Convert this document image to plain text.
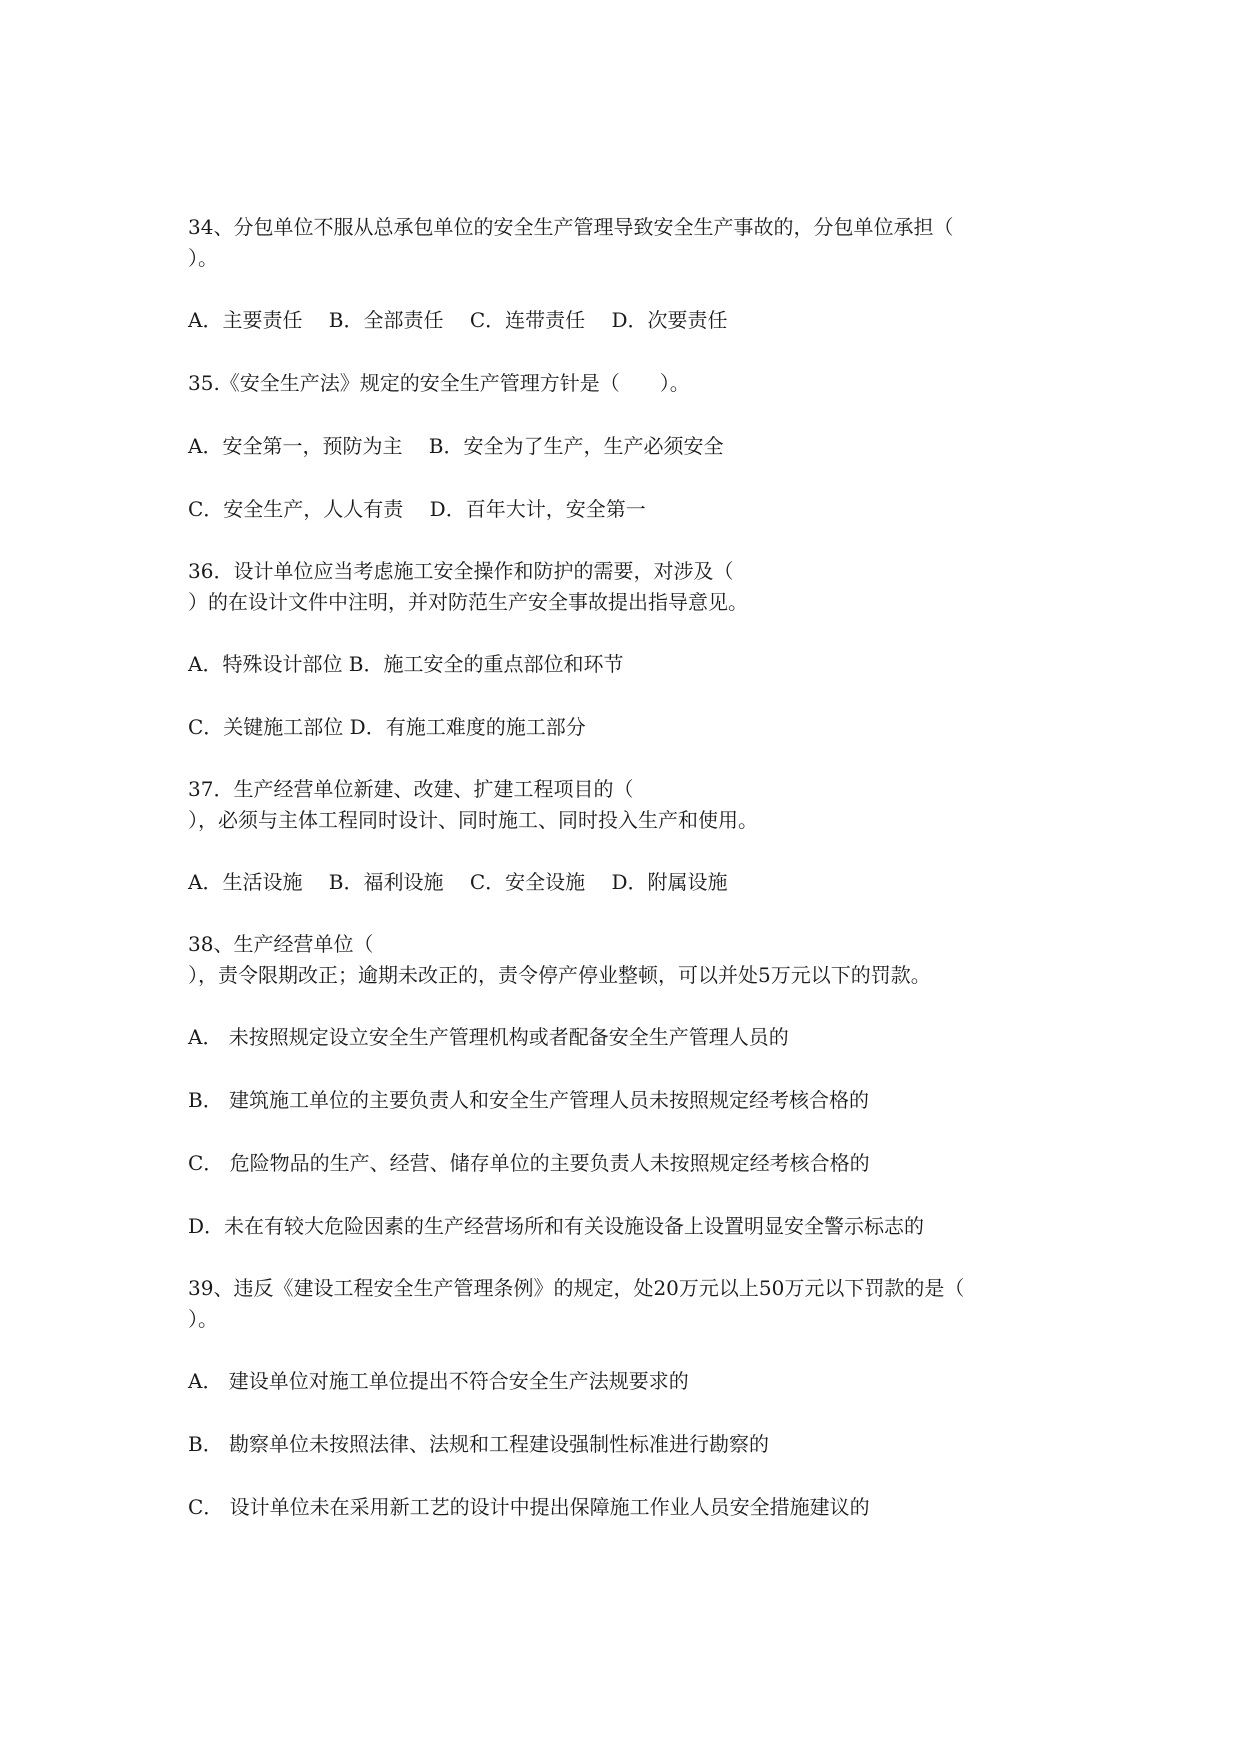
34、分包单位不服从总承包单位的安全生产管理导致安全生产事故的，分包单位承担（

）。

A．主要责任　 B．全部责任　 C．连带责任　 D．次要责任

35.《安全生产法》规定的安全生产管理方针是（　　）。

A．安全第一，预防为主　 B．安全为了生产，生产必须安全

C．安全生产，人人有责　 D．百年大计，安全第一

36．设计单位应当考虑施工安全操作和防护的需要，对涉及（

）的在设计文件中注明，并对防范生产安全事故提出指导意见。

A．特殊设计部位 B．施工安全的重点部位和环节

C．关键施工部位 D．有施工难度的施工部分

37．生产经营单位新建、改建、扩建工程项目的（

），必须与主体工程同时设计、同时施工、同时投入生产和使用。

A．生活设施　 B．福利设施　 C．安全设施　 D．附属设施

38、生产经营单位（

），责令限期改正；逾期未改正的，责令停产停业整顿，可以并处5万元以下的罚款。

A． 未按照规定设立安全生产管理机构或者配备安全生产管理人员的

B． 建筑施工单位的主要负责人和安全生产管理人员未按照规定经考核合格的

C． 危险物品的生产、经营、储存单位的主要负责人未按照规定经考核合格的

D．未在有较大危险因素的生产经营场所和有关设施设备上设置明显安全警示标志的

39、违反《建设工程安全生产管理条例》的规定，处20万元以上50万元以下罚款的是（

）。

A． 建设单位对施工单位提出不符合安全生产法规要求的

B． 勘察单位未按照法律、法规和工程建设强制性标准进行勘察的

C． 设计单位未在采用新工艺的设计中提出保障施工作业人员安全措施建议的
